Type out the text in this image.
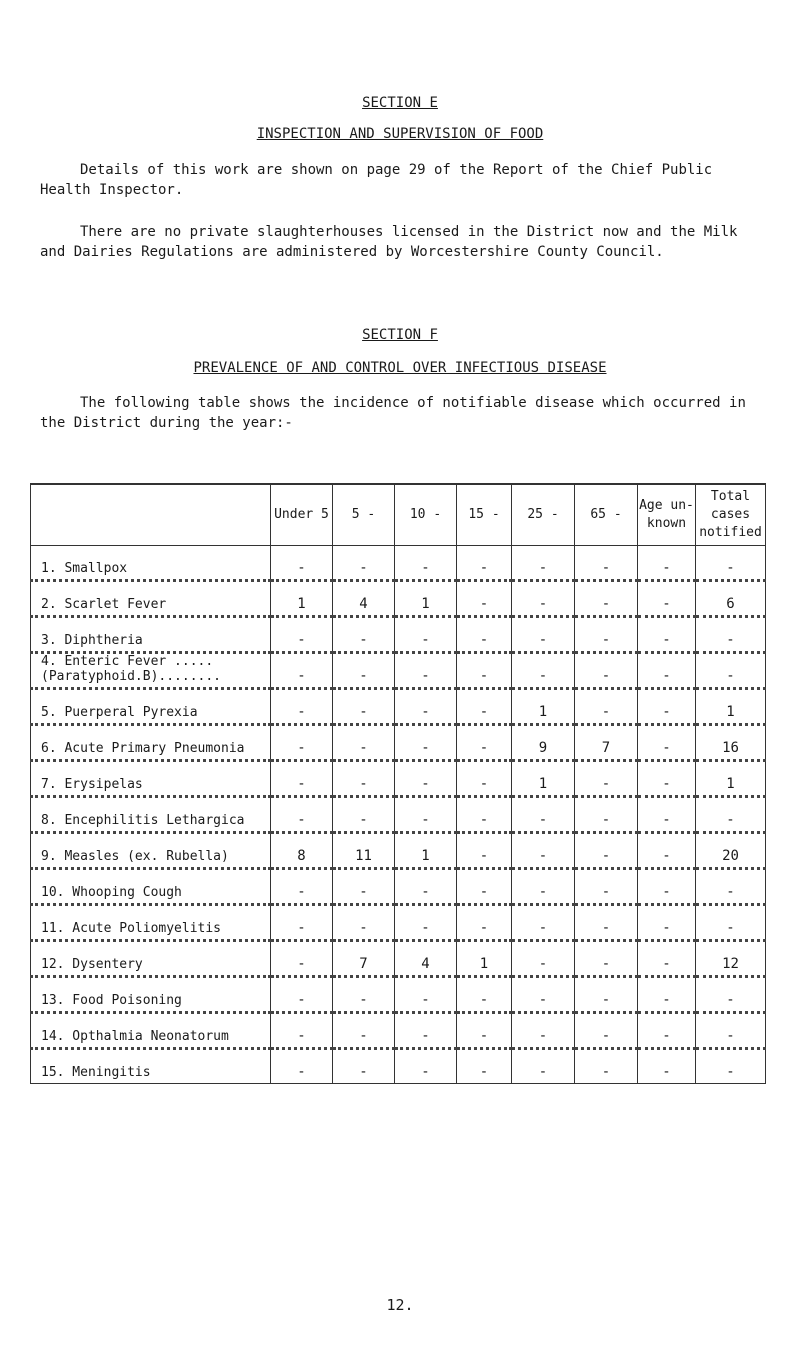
SECTION E
INSPECTION AND SUPERVISION OF FOOD
Details of this work are shown on page 29 of the Report of the Chief Public Health Inspector.
There are no private slaughterhouses licensed in the District now and the Milk and Dairies Regulations are administered by Worcestershire County Council.
SECTION F
PREVALENCE OF AND CONTROL OVER INFECTIOUS DISEASE
The following table shows the incidence of notifiable disease which occurred in the District during the year:-
	Under 5	5 -	10 -	15 -	25 -	65 -	Age un- known	Total cases notified
1. Smallpox	-	-	-	-	-	-	-	-
2. Scarlet Fever	1	4	1	-	-	-	-	6
3. Diphtheria	-	-	-	-	-	-	-	-
4. Enteric Fever .....(Paratyphoid.B)........	-	-	-	-	-	-	-	-
5. Puerperal Pyrexia	-	-	-	-	1	-	-	1
6. Acute Primary Pneumonia	-	-	-	-	9	7	-	16
7. Erysipelas	-	-	-	-	1	-	-	1
8. Encephilitis Lethargica	-	-	-	-	-	-	-	-
9. Measles (ex. Rubella)	8	11	1	-	-	-	-	20
10. Whooping Cough	-	-	-	-	-	-	-	-
11. Acute Poliomyelitis	-	-	-	-	-	-	-	-
12. Dysentery	-	7	4	1	-	-	-	12
13. Food Poisoning	-	-	-	-	-	-	-	-
14. Opthalmia Neonatorum	-	-	-	-	-	-	-	-
15. Meningitis	-	-	-	-	-	-	-	-
12.
